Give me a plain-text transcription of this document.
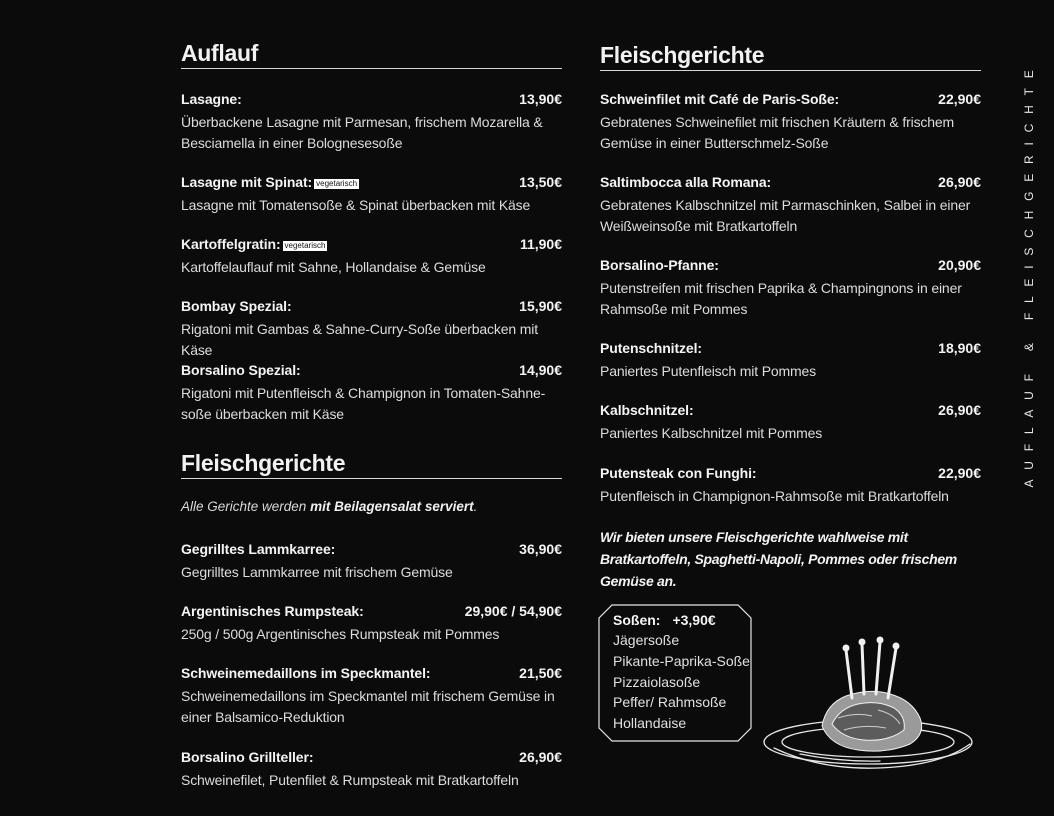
Auflauf
Lasagne:	13,90€
Überbackene Lasagne mit Parmesan, frischem Mozarella & Besciamella in einer Bolognesesoße
Lasagne mit Spinat: vegetarisch	13,50€
Lasagne mit Tomatensoße & Spinat überbacken mit Käse
Kartoffelgratin: vegetarisch	11,90€
Kartoffelauflauf mit Sahne, Hollandaise & Gemüse
Bombay Spezial:	15,90€
Rigatoni mit Gambas & Sahne-Curry-Soße überbacken mit Käse
Borsalino Spezial:	14,90€
Rigatoni mit Putenfleisch & Champignon in Tomaten-Sahne-soße überbacken mit Käse
Fleischgerichte
Alle Gerichte werden mit Beilagensalat serviert.
Gegrilltes Lammkarree:	36,90€
Gegrilltes Lammkarree mit frischem Gemüse
Argentinisches Rumpsteak:	29,90€ / 54,90€
250g / 500g Argentinisches Rumpsteak mit Pommes
Schweinemedaillons im Speckmantel:	21,50€
Schweinemedaillons im Speckmantel mit frischem Gemüse in einer Balsamico-Reduktion
Borsalino Grillteller:	26,90€
Schweinefilet, Putenfilet & Rumpsteak mit Bratkartoffeln
Fleischgerichte
Schweinfilet mit Café de Paris-Soße:	22,90€
Gebratenes Schweinefilet mit frischen Kräutern & frischem Gemüse in einer Butterschmelz-Soße
Saltimbocca alla Romana:	26,90€
Gebratenes Kalbschnitzel mit Parmaschinken, Salbei in einer Weißweinsoße mit Bratkartoffeln
Borsalino-Pfanne:	20,90€
Putenstreifen mit frischen Paprika & Champingnons in einer Rahmsoße mit Pommes
Putenschnitzel:	18,90€
Paniertes Putenfleisch mit Pommes
Kalbschnitzel:	26,90€
Paniertes Kalbschnitzel mit Pommes
Putensteak con Funghi:	22,90€
Putenfleisch in Champignon-Rahmsoße mit Bratkartoffeln
Wir bieten unsere Fleischgerichte wahlweise mit Bratkartoffeln, Spaghetti-Napoli, Pommes oder frischem Gemüse an.
Soßen: +3,90€
Jägersoße
Pikante-Paprika-Soße
Pizzaiolasoße
Peffer/ Rahmsoße
Hollandaise
AUFLAUF & FLEISCHGERICHTE
